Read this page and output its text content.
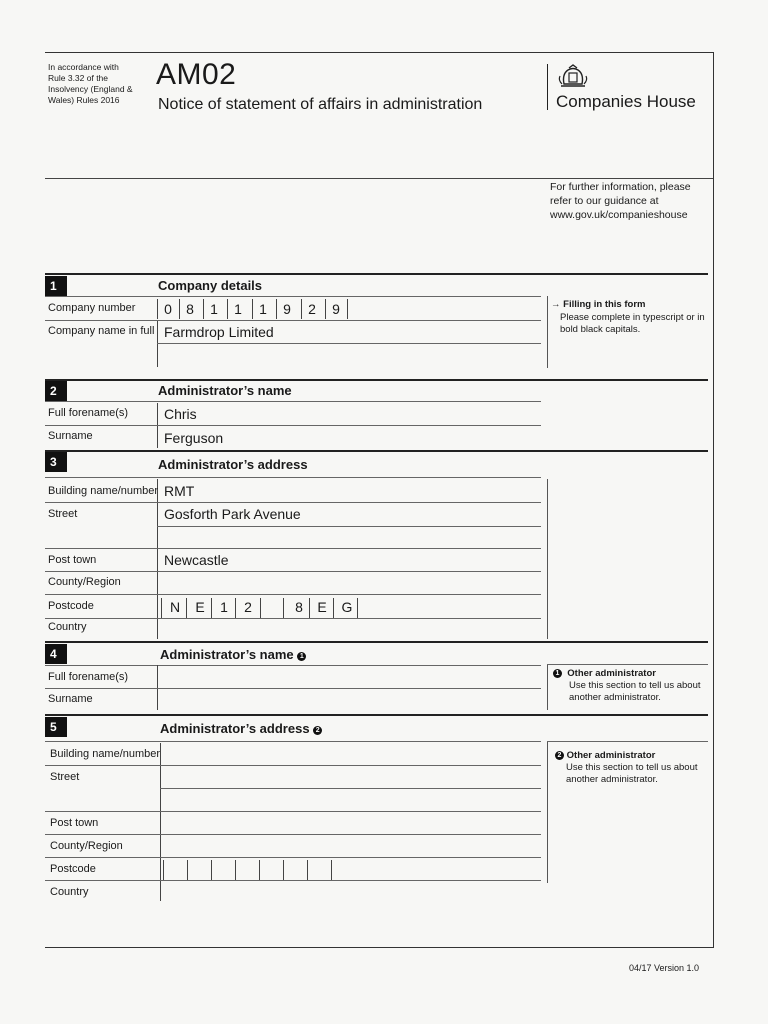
In accordance with
Rule 3.32 of the
Insolvency (England &
Wales) Rules 2016
AM02
Notice of statement of affairs in administration	Companies House
For further information, please
refer to our guidance at
www.gov.uk/companieshouse
1	Company details
Company number	0	8	1	1	1	9	2	9
Company name in full Farmdrop Limited
→ Filling in this form
Please complete in typescript or in
bold black capitals.
2	Administrator’s name
Full forename(s)	Chris
Surname	Ferguson
3	Administrator’s address
Building name/number RMT
Street	Gosforth Park Avenue
Post town	Newcastle
County/Region
Postcode	N	E	1	2	8	E	G
Country
4	Administrator’s name 1
Full forename(s)
Surname
1 Other administrator
Use this section to tell us about
another administrator.
5	Administrator’s address 2
Building name/number
Street
Post town
County/Region
Postcode
Country
2 Other administrator
Use this section to tell us about
another administrator.
04/17 Version 1.0
